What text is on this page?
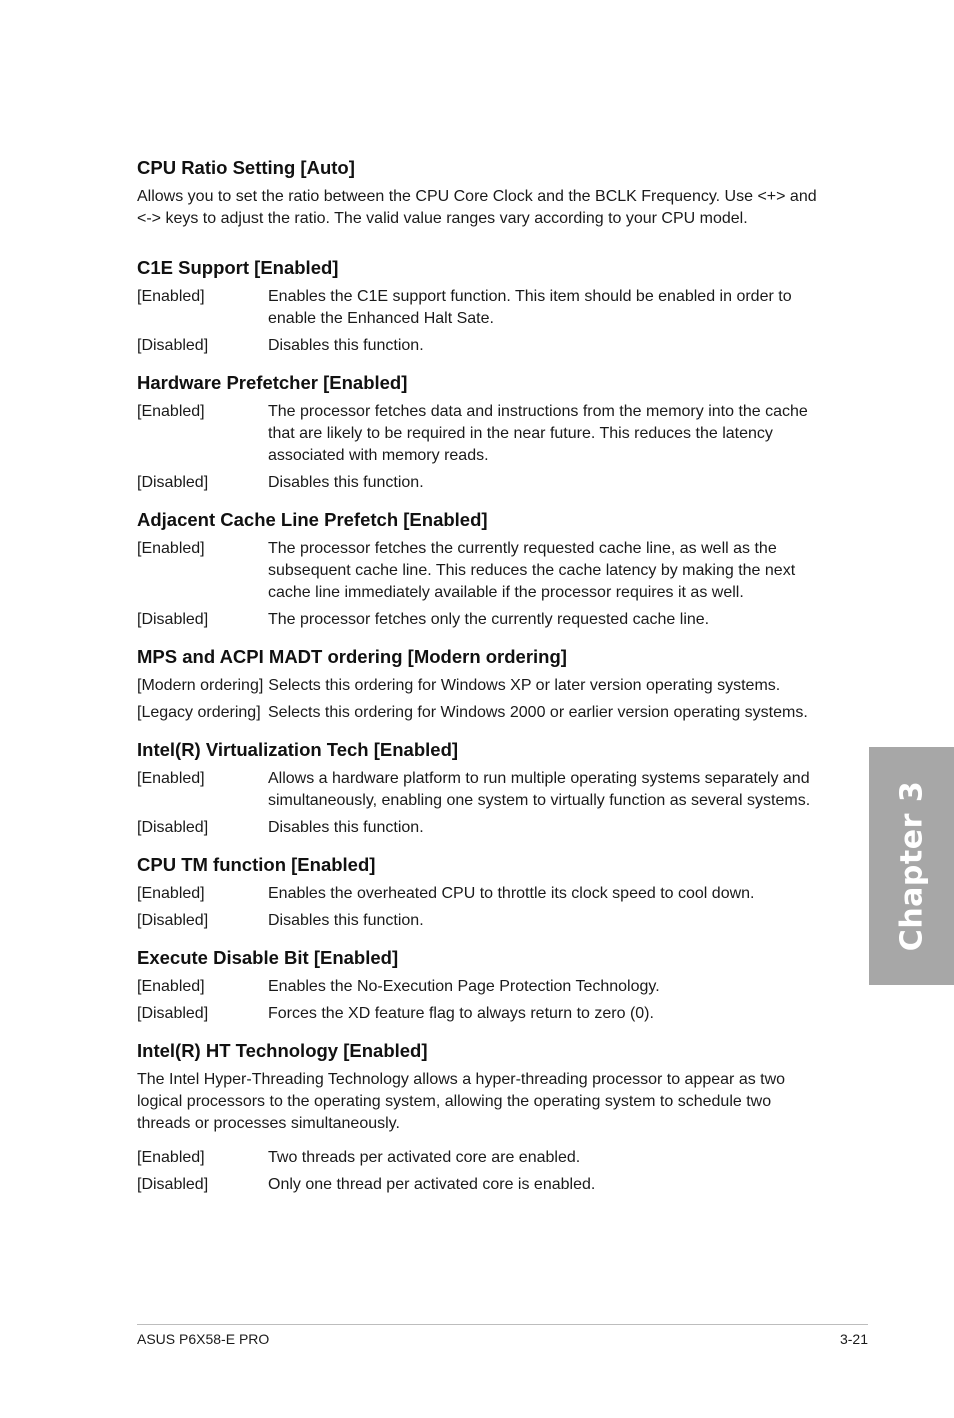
CPU Ratio Setting [Auto]
Allows you to set the ratio between the CPU Core Clock and the BCLK Frequency. Use <+> and <-> keys to adjust the ratio. The valid value ranges vary according to your CPU model.
C1E Support [Enabled]
[Enabled]	Enables the C1E support function. This item should be enabled in order to enable the Enhanced Halt Sate.
[Disabled]	Disables this function.
Hardware Prefetcher [Enabled]
[Enabled]	The processor fetches data and instructions from the memory into the cache that are likely to be required in the near future. This reduces the latency associated with memory reads.
[Disabled]	Disables this function.
Adjacent Cache Line Prefetch [Enabled]
[Enabled]	The processor fetches the currently requested cache line, as well as the subsequent cache line. This reduces the cache latency by making the next cache line immediately available if the processor requires it as well.
[Disabled]	The processor fetches only the currently requested cache line.
MPS and ACPI MADT ordering [Modern ordering]
[Modern ordering] Selects this ordering for Windows XP or later version operating systems.
[Legacy ordering] Selects this ordering for Windows 2000 or earlier version operating systems.
Intel(R) Virtualization Tech [Enabled]
[Enabled]	Allows a hardware platform to run multiple operating systems separately and simultaneously, enabling one system to virtually function as several systems.
[Disabled]	Disables this function.
CPU TM function [Enabled]
[Enabled]	Enables the overheated CPU to throttle its clock speed to cool down.
[Disabled]	Disables this function.
Execute Disable Bit [Enabled]
[Enabled]	Enables the No-Execution Page Protection Technology.
[Disabled]	Forces the XD feature flag to always return to zero (0).
Intel(R) HT Technology [Enabled]
The Intel Hyper-Threading Technology allows a hyper-threading processor to appear as two logical processors to the operating system, allowing the operating system to schedule two threads or processes simultaneously.
[Enabled]	Two threads per activated core are enabled.
[Disabled]	Only one thread per activated core is enabled.
Chapter 3
ASUS P6X58-E PRO	3-21
